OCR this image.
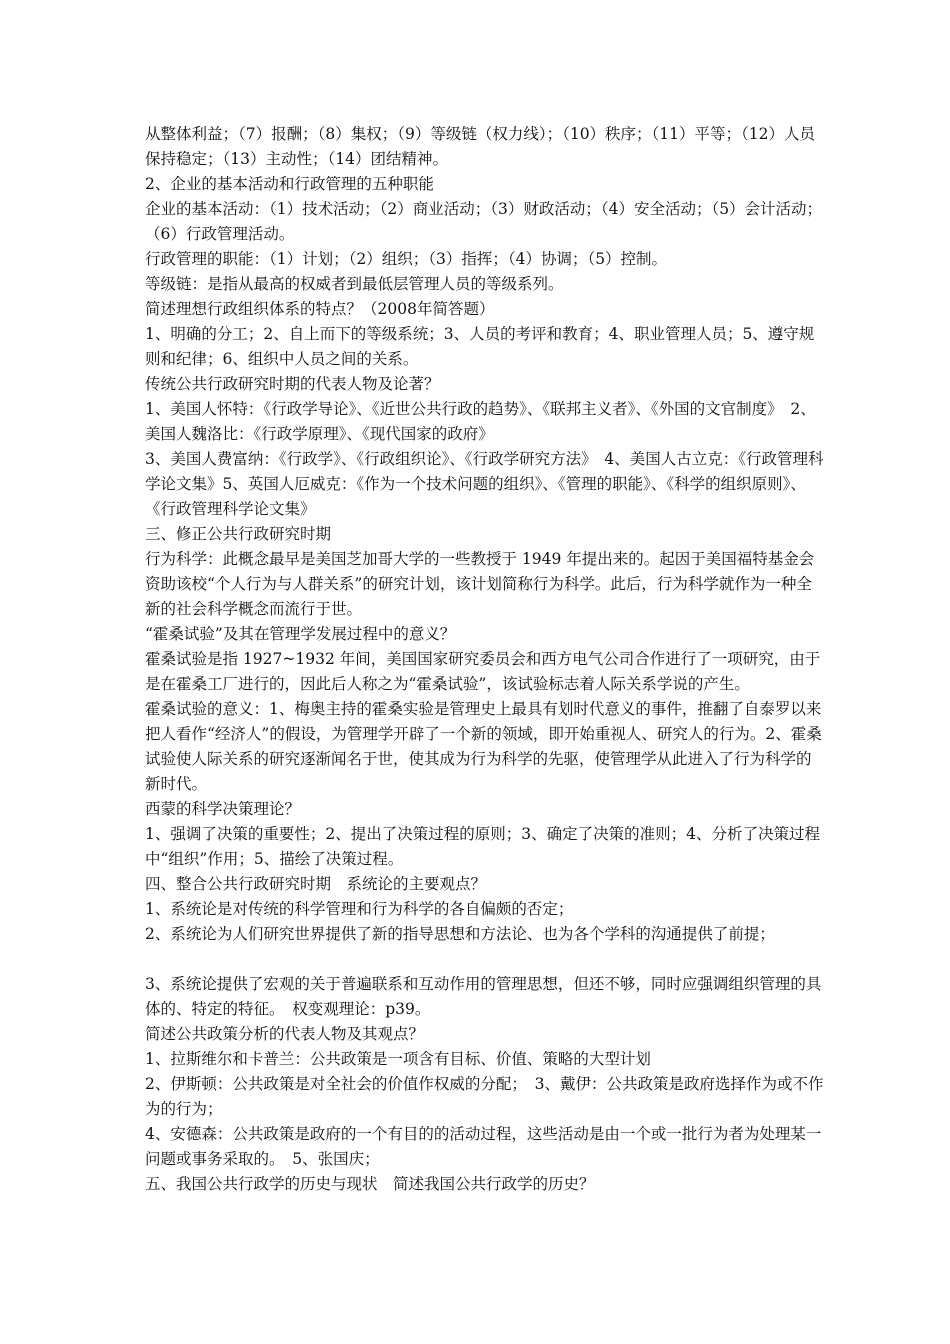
从整体利益；（7）报酬；（8）集权；（9）等级链（权力线）；（10）秩序；（11）平等；（12）人员保持稳定；（13）主动性；（14）团结精神。

2、企业的基本活动和行政管理的五种职能

企业的基本活动：（1）技术活动；（2）商业活动；（3）财政活动；（4）安全活动；（5）会计活动；（6）行政管理活动。

行政管理的职能：（1）计划；（2）组织；（3）指挥；（4）协调；（5）控制。

等级链：是指从最高的权威者到最低层管理人员的等级系列。

简述理想行政组织体系的特点？（2008年简答题）

1、明确的分工；2、自上而下的等级系统；3、人员的考评和教育；4、职业管理人员；5、遵守规则和纪律；6、组织中人员之间的关系。

传统公共行政研究时期的代表人物及论著？

1、美国人怀特：《行政学导论》、《近世公共行政的趋势》、《联邦主义者》、《外国的文官制度》　2、美国人魏洛比：《行政学原理》、《现代国家的政府》

3、美国人费富纳：《行政学》、《行政组织论》、《行政学研究方法》　4、美国人古立克：《行政管理科学论文集》5、英国人厄威克：《作为一个技术问题的组织》、《管理的职能》、《科学的组织原则》、《行政管理科学论文集》

三、修正公共行政研究时期

行为科学：此概念最早是美国芝加哥大学的一些教授于 1949 年提出来的。起因于美国福特基金会资助该校“个人行为与人群关系”的研究计划，该计划简称行为科学。此后，行为科学就作为一种全新的社会科学概念而流行于世。

“霍桑试验”及其在管理学发展过程中的意义？

霍桑试验是指 1927~1932 年间，美国国家研究委员会和西方电气公司合作进行了一项研究，由于是在霍桑工厂进行的，因此后人称之为“霍桑试验”，该试验标志着人际关系学说的产生。

霍桑试验的意义：1、梅奥主持的霍桑实验是管理史上最具有划时代意义的事件，推翻了自泰罗以来把人看作“经济人”的假设，为管理学开辟了一个新的领域，即开始重视人、研究人的行为。2、霍桑试验使人际关系的研究逐渐闻名于世，使其成为行为科学的先驱，使管理学从此进入了行为科学的新时代。

西蒙的科学决策理论？

1、强调了决策的重要性；2、提出了决策过程的原则；3、确定了决策的准则；4、分析了决策过程中“组织”作用；5、描绘了决策过程。

四、整合公共行政研究时期　系统论的主要观点？

1、系统论是对传统的科学管理和行为科学的各自偏颇的否定；

2、系统论为人们研究世界提供了新的指导思想和方法论、也为各个学科的沟通提供了前提；

3、系统论提供了宏观的关于普遍联系和互动作用的管理思想，但还不够，同时应强调组织管理的具体的、特定的特征。　权变观理论：p39。

简述公共政策分析的代表人物及其观点？

1、拉斯维尔和卡普兰：公共政策是一项含有目标、价值、策略的大型计划

2、伊斯顿：公共政策是对全社会的价值作权威的分配；　3、戴伊：公共政策是政府选择作为或不作为的行为；

4、安德森：公共政策是政府的一个有目的的活动过程，这些活动是由一个或一批行为者为处理某一问题或事务采取的。　5、张国庆；

五、我国公共行政学的历史与现状　简述我国公共行政学的历史？
